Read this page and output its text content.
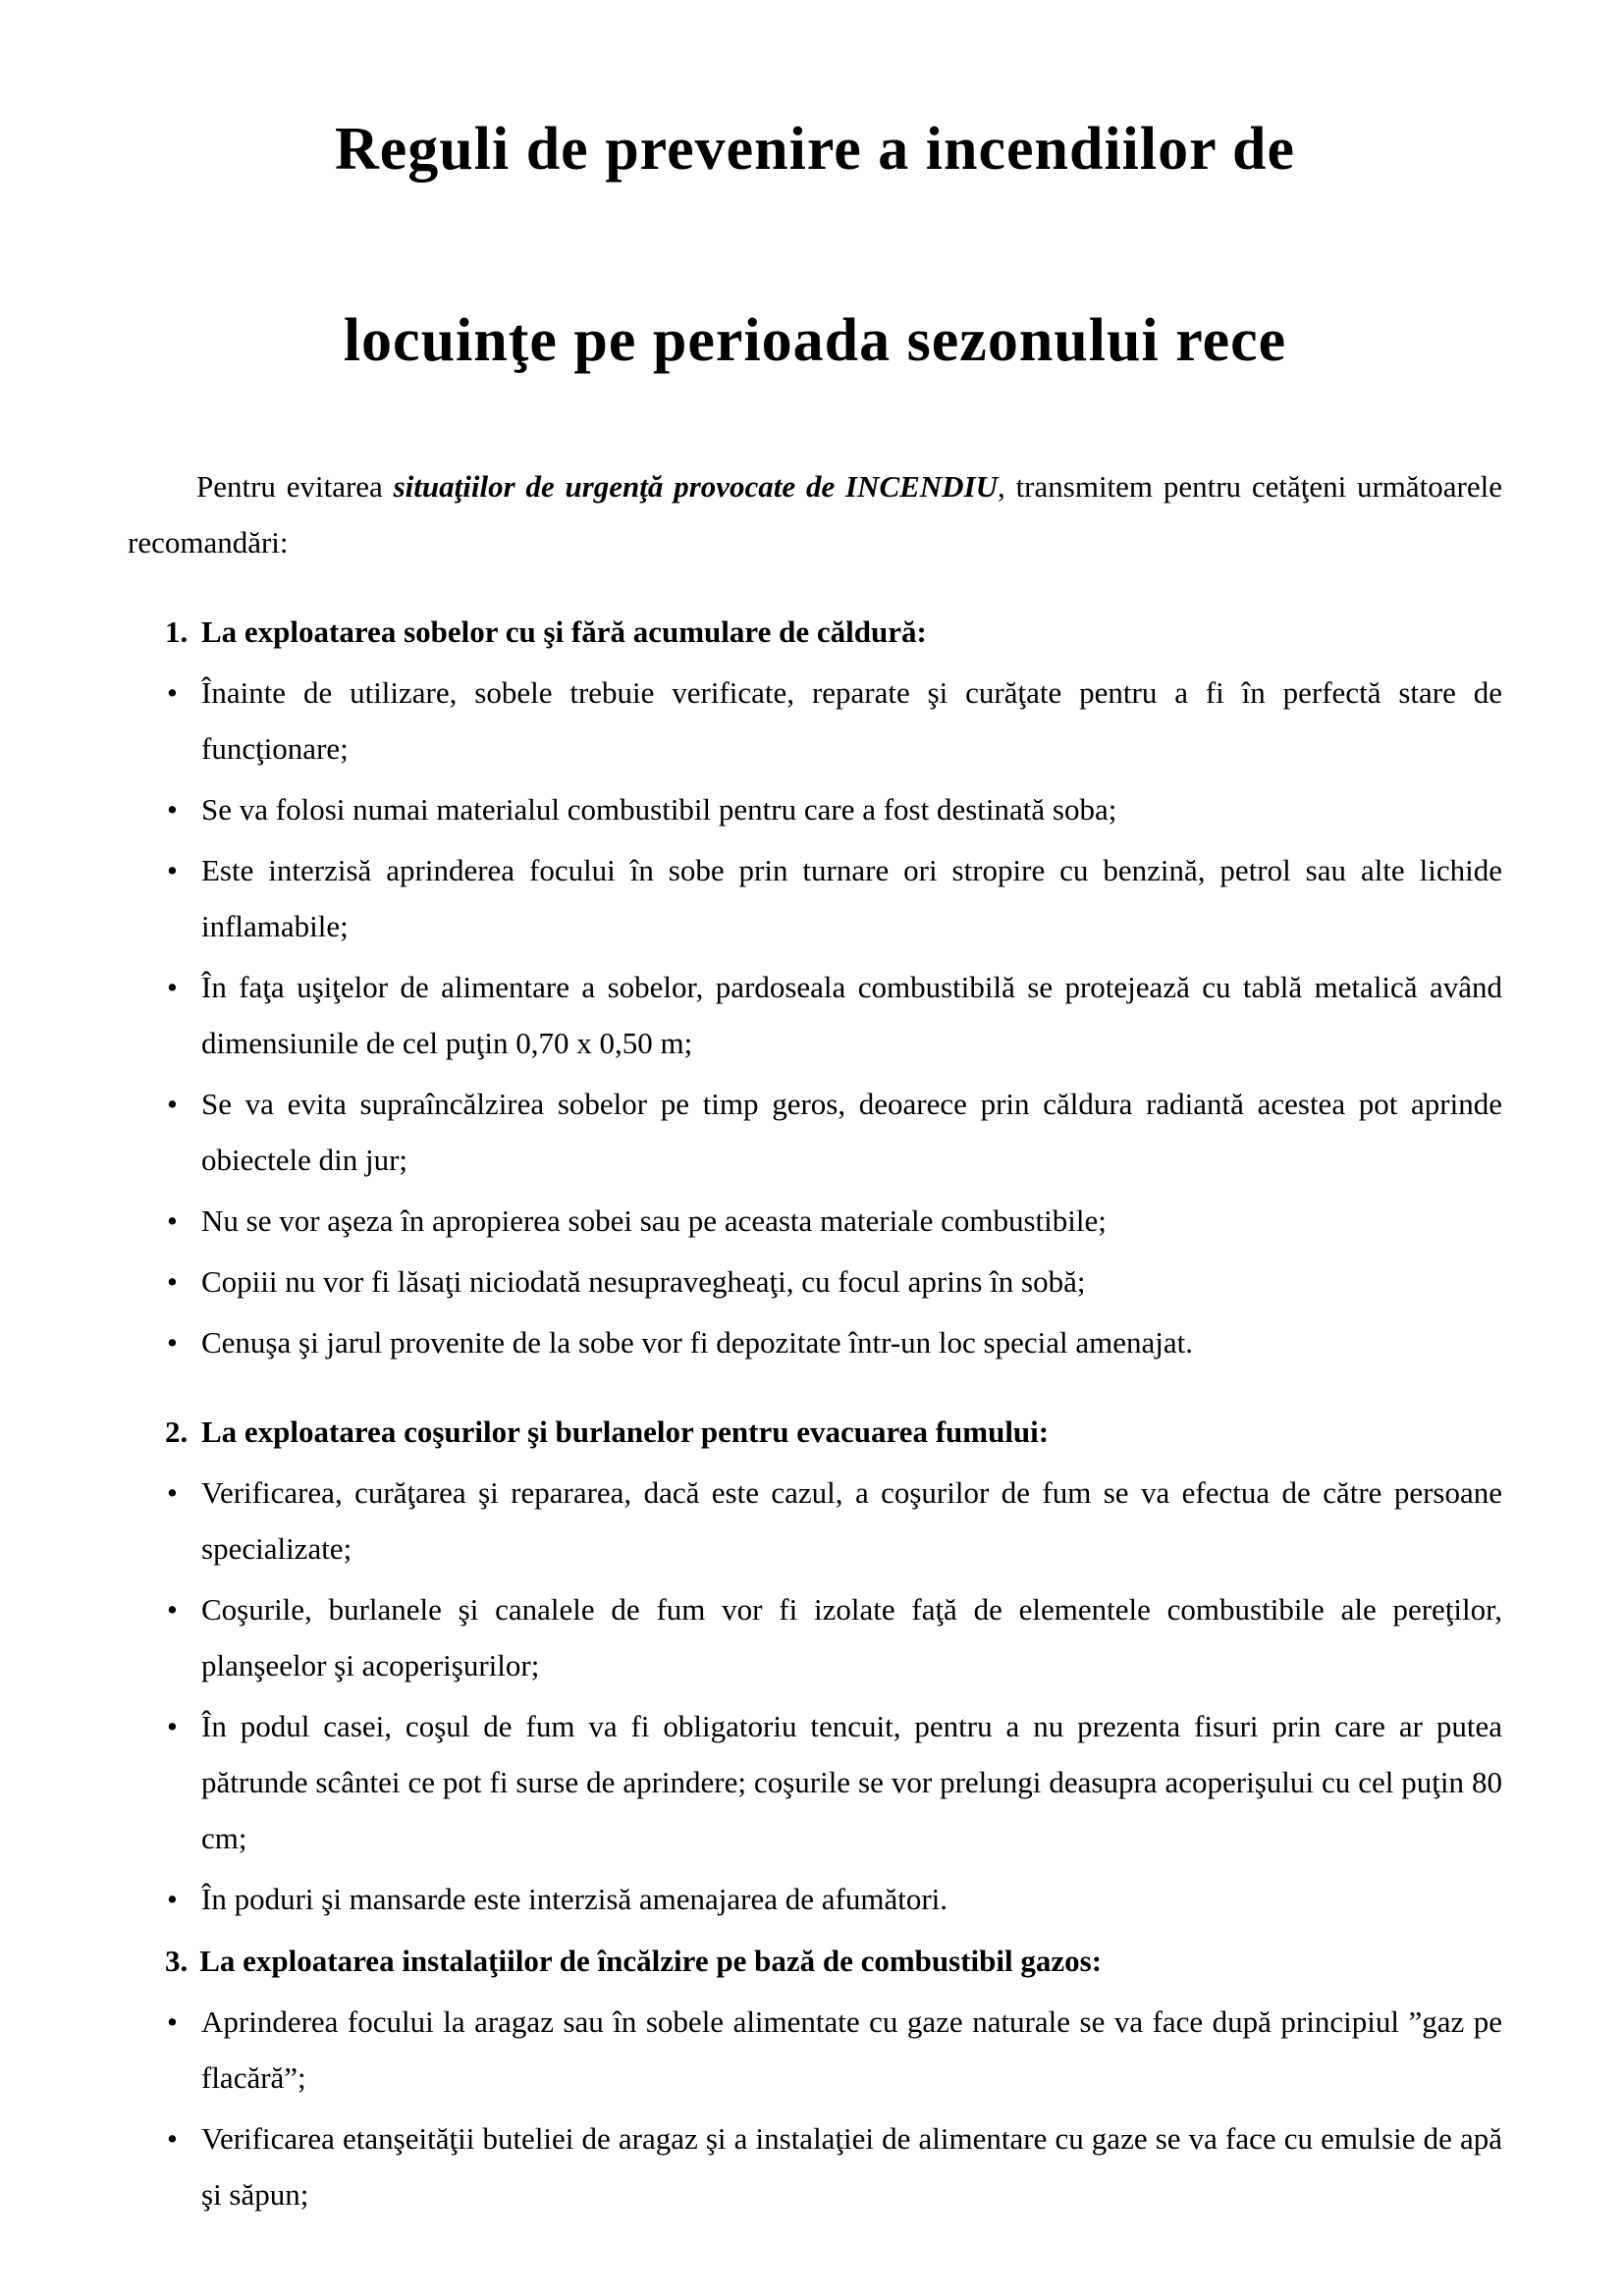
Reguli de prevenire a incendiilor de
locuinţe pe perioada sezonului rece

Pentru evitarea situaţiilor de urgenţă provocate de INCENDIU, transmitem pentru cetăţeni următoarele recomandări:

1. La exploatarea sobelor cu şi fără acumulare de căldură:
• Înainte de utilizare, sobele trebuie verificate, reparate şi curăţate pentru a fi în perfectă stare de funcţionare;
• Se va folosi numai materialul combustibil pentru care a fost destinată soba;
• Este interzisă aprinderea focului în sobe prin turnare ori stropire cu benzină, petrol sau alte lichide inflamabile;
• În faţa uşiţelor de alimentare a sobelor, pardoseala combustibilă se protejează cu tablă metalică având dimensiunile de cel puţin 0,70 x 0,50 m;
• Se va evita supraîncălzirea sobelor pe timp geros, deoarece prin căldura radiantă acestea pot aprinde obiectele din jur;
• Nu se vor aşeza în apropierea sobei sau pe aceasta materiale combustibile;
• Copiii nu vor fi lăsaţi niciodată nesupravegheaţi, cu focul aprins în sobă;
• Cenuşa şi jarul provenite de la sobe vor fi depozitate într-un loc special amenajat.
2. La exploatarea coşurilor şi burlanelor pentru evacuarea fumului:
• Verificarea, curăţarea şi repararea, dacă este cazul, a coşurilor de fum se va efectua de către persoane specializate;
• Coşurile, burlanele şi canalele de fum vor fi izolate faţă de elementele combustibile ale pereţilor, planşeelor şi acoperişurilor;
• În podul casei, coşul de fum va fi obligatoriu tencuit, pentru a nu prezenta fisuri prin care ar putea pătrunde scântei ce pot fi surse de aprindere; coşurile se vor prelungi deasupra acoperişului cu cel puţin 80 cm;
• În poduri şi mansarde este interzisă amenajarea de afumători.
3. La exploatarea instalaţiilor de încălzire pe bază de combustibil gazos:
• Aprinderea focului la aragaz sau în sobele alimentate cu gaze naturale se va face după principiul ”gaz pe flacără”;
• Verificarea etanşeităţii buteliei de aragaz şi a instalaţiei de alimentare cu gaze se va face cu emulsie de apă şi săpun;
